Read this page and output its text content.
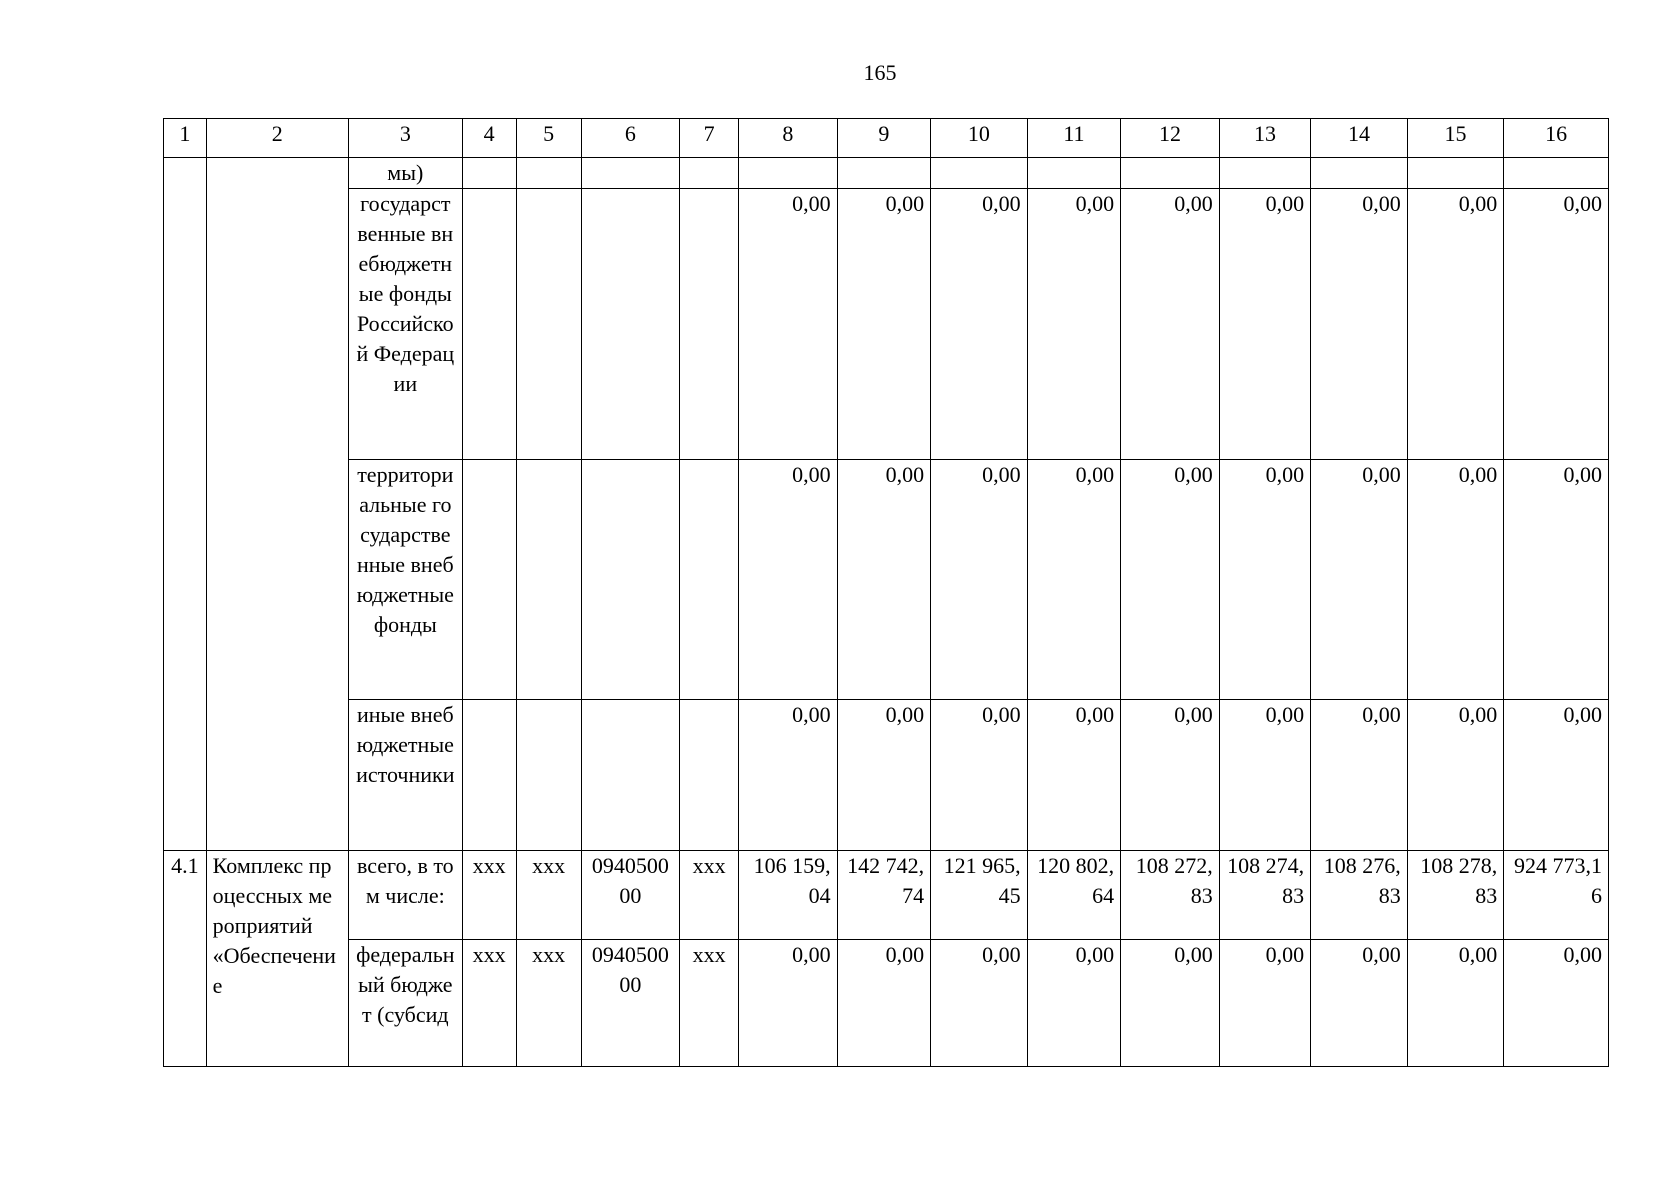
165
1	2	3	4	5	6	7	8	9	10	11	12	13	14	15	16
		мы)													
		государственные внебюджетные фонды Российской Федерации					0,00	0,00	0,00	0,00	0,00	0,00	0,00	0,00	0,00
		территориальные государственные внебюджетные фонды					0,00	0,00	0,00	0,00	0,00	0,00	0,00	0,00	0,00
		иные внебюджетные источники					0,00	0,00	0,00	0,00	0,00	0,00	0,00	0,00	0,00
4.1	Комплекс процессных мероприятий «Обеспечение	всего, в том числе:	ххх	ххх	094050000	ххх	106 159,04	142 742,74	121 965,45	120 802,64	108 272,83	108 274,83	108 276,83	108 278,83	924 773,16
		федеральный бюджет (субсид	ххх	ххх	094050000	ххх	0,00	0,00	0,00	0,00	0,00	0,00	0,00	0,00	0,00
